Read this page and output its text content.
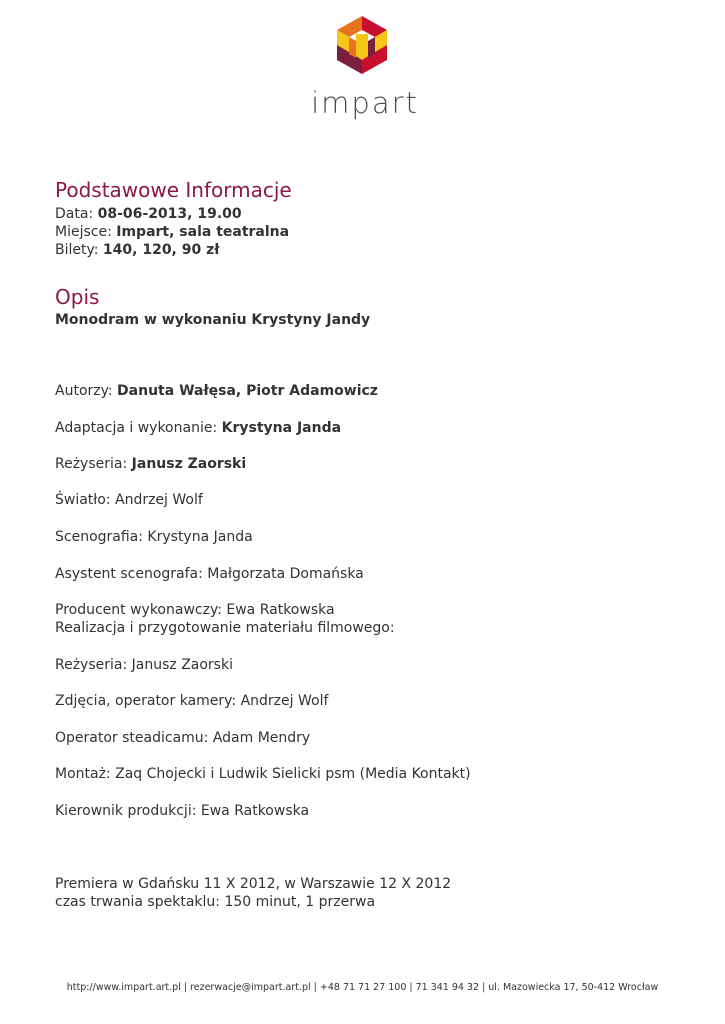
impart
Podstawowe Informacje
Data: 08-06-2013, 19.00
Miejsce: Impart, sala teatralna
Bilety: 140, 120, 90 zł
Opis
Monodram w wykonaniu Krystyny Jandy
Autorzy: Danuta Wałęsa, Piotr Adamowicz
Adaptacja i wykonanie: Krystyna Janda
Reżyseria: Janusz Zaorski
Światło: Andrzej Wolf
Scenografia: Krystyna Janda
Asystent scenografa: Małgorzata Domańska
Producent wykonawczy: Ewa Ratkowska
Realizacja i przygotowanie materiału filmowego:
Reżyseria: Janusz Zaorski
Zdjęcia, operator kamery: Andrzej Wolf
Operator steadicamu: Adam Mendry
Montaż: Zaq Chojecki i Ludwik Sielicki psm (Media Kontakt)
Kierownik produkcji: Ewa Ratkowska
Premiera w Gdańsku 11 X 2012, w Warszawie 12 X 2012
czas trwania spektaklu: 150 minut, 1 przerwa
http://www.impart.art.pl | rezerwacje@impart.art.pl | +48 71 71 27 100 | 71 341 94 32 | ul. Mazowiecka 17, 50-412 Wrocław
